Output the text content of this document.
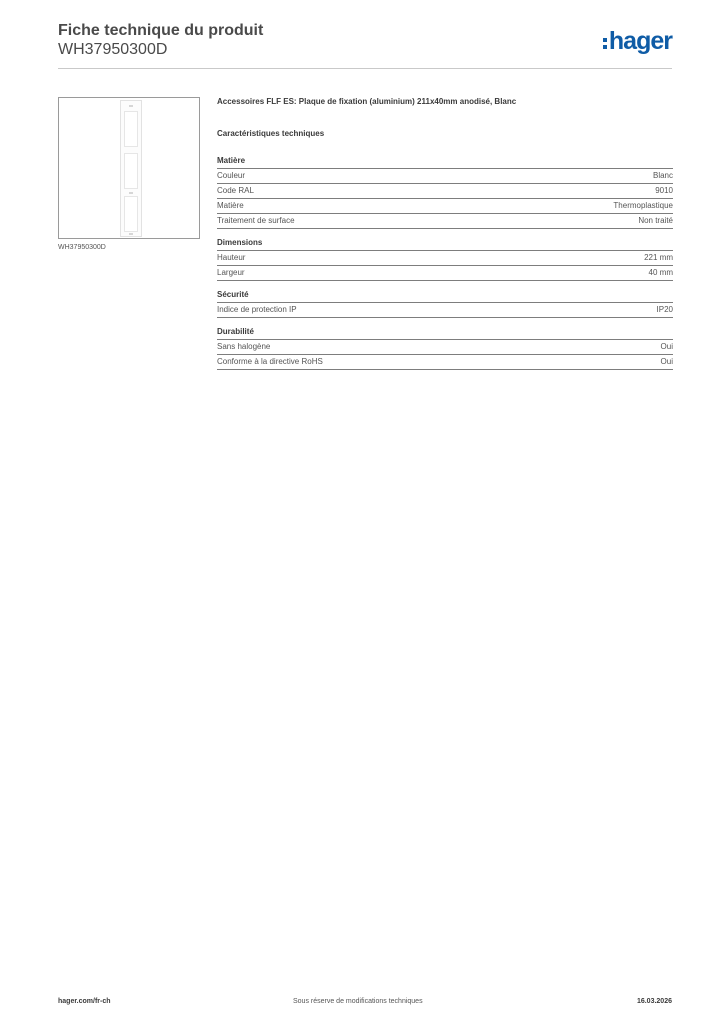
Fiche technique du produit
WH37950300D	hager
WH37950300D
Accessoires FLF ES: Plaque de fixation (aluminium) 211x40mm anodisé, Blanc
Caractéristiques techniques
Matière
Couleur	Blanc
Code RAL	9010
Matière	Thermoplastique
Traitement de surface	Non traité
Dimensions
Hauteur	221 mm
Largeur	40 mm
Sécurité
Indice de protection IP	IP20
Durabilité
Sans halogène	Oui
Conforme à la directive RoHS	Oui
hager.com/fr-ch	Sous réserve de modifications techniques	16.03.2026
